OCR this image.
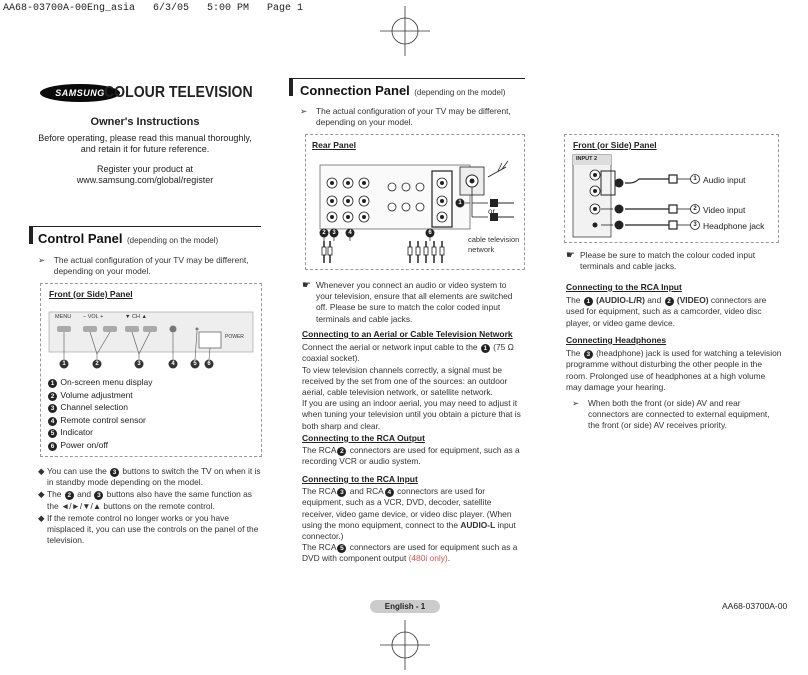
AA68-03700A-00Eng_asia   6/3/05   5:00 PM   Page 1
SAMSUNG COLOUR TELEVISION
Owner's Instructions
Before operating, please read this manual thoroughly,
and retain it for future reference.
Register your product at
www.samsung.com/global/register
Control Panel (depending on the model)
➢	The actual configuration of your TV may be different, depending on your model.
Front (or Side) Panel
MENU − VOL +	▼ CH ▲
POWER
1	2	3	4	5	6
1 On-screen menu display
2 Volume adjustment
3 Channel selection
4 Remote control sensor
5 Indicator
6 Power on/off
◆ You can use the 3 buttons to switch the TV on when it is in standby mode depending on the model.
◆ The 2 and 3 buttons also have the same function as the ◄/►/▼/▲ buttons on the remote control.
◆ If the remote control no longer works or you have misplaced it, you can use the controls on the panel of the television.
Connection Panel (depending on the model)
➢	The actual configuration of your TV may be different, depending on your model.
Rear Panel
2	3	4	6
1
or
cable television
network
☛ Whenever you connect an audio or video system to your television, ensure that all elements are switched off. Please be sure to match the color coded input terminals and cable jacks.
Connecting to an Aerial or Cable Television Network
Connect the aerial or network input cable to the 1 (75 Ω coaxial socket).
To view television channels correctly, a signal must be received by the set from one of the sources: an outdoor aerial, cable television network, or satellite network.
If you are using an indoor aerial, you may need to adjust it when tuning your television until you obtain a picture that is both sharp and clear.
Connecting to the RCA Output
The RCA 2 connectors are used for equipment, such as a recording VCR or audio system.
Connecting to the RCA Input
The RCA 3 and RCA 4 connectors are used for equipment, such as a VCR, DVD, decoder, satellite receiver, video game device, or video disc player. (When using the mono equipment, connect to the AUDIO-L input connector.)
The RCA 5 connectors are used for equipment such as a DVD with component output (480i only).
English - 1	AA68-03700A-00
Front (or Side) Panel
INPUT 2
1
2
3
Audio input
Video input
Headphone jack
☛ Please be sure to match the colour coded input terminals and cable jacks.
Connecting to the RCA Input
The 1 (AUDIO-L/R) and 2 (VIDEO) connectors are used for equipment, such as a camcorder, video disc player, or video game device.
Connecting Headphones
The 3 (headphone) jack is used for watching a television programme without disturbing the other people in the room. Prolonged use of headphones at a high volume may damage your hearing.
➢	When both the front (or side) AV and rear connectors are connected to external equipment, the front (or side) AV receives priority.
